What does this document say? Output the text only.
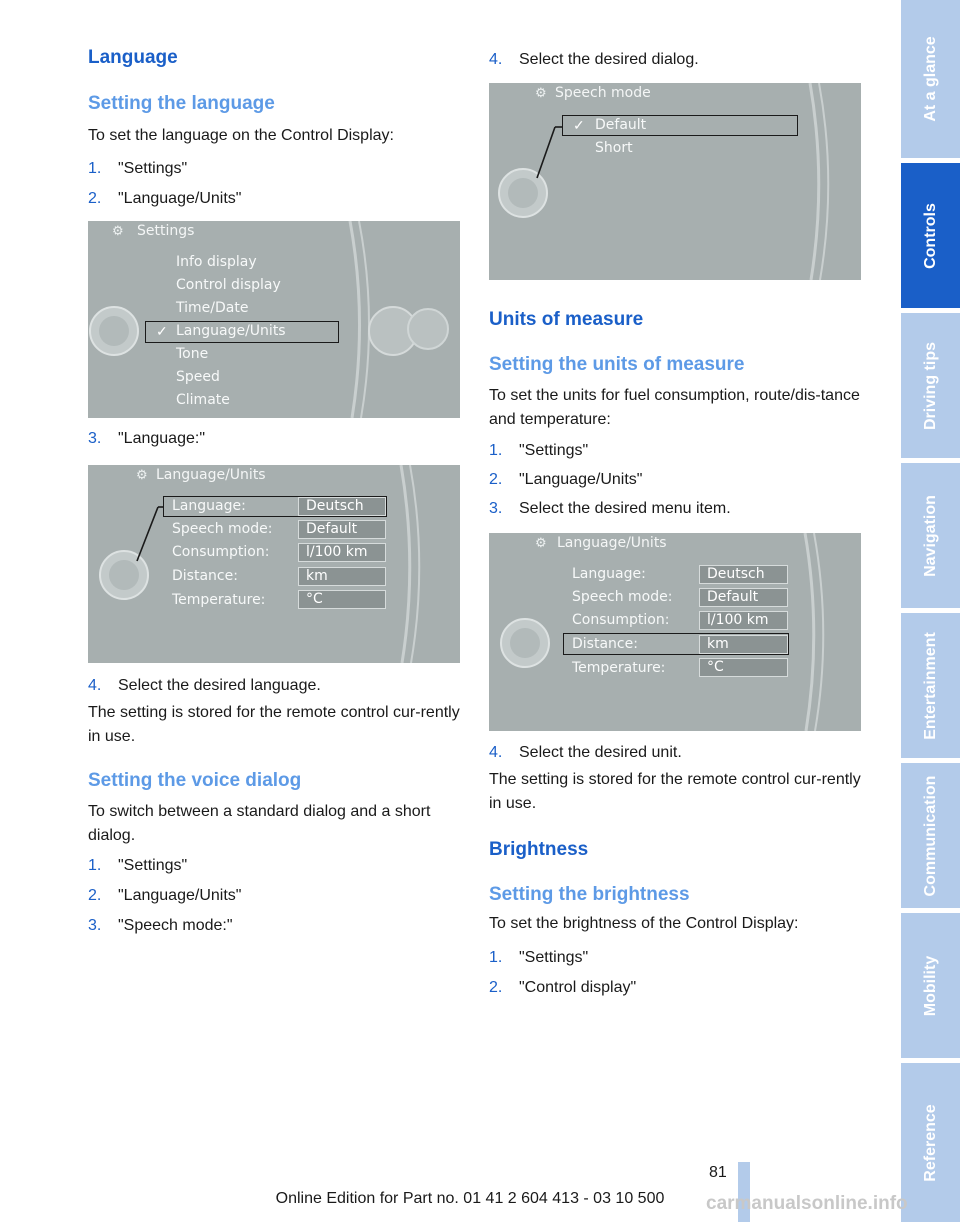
Language
Setting the language
To set the language on the Control Display:
1. "Settings"
2. "Language/Units"
⚙ Settings
Info display
Control display
Time/Date
✓ Language/Units
Tone
Speed
Climate
3. "Language:"
⚙ Language/Units
Language:	Deutsch
Speech mode:	Default
Consumption:	l/100 km
Distance:	km
Temperature:	°C
4. Select the desired language.
The setting is stored for the remote control cur-rently in use.
Setting the voice dialog
To switch between a standard dialog and a short dialog.
1. "Settings"
2. "Language/Units"
3. "Speech mode:"
4. Select the desired dialog.
⚙ Speech mode
✓ Default
Short
Units of measure
Setting the units of measure
To set the units for fuel consumption, route/dis-tance and temperature:
1. "Settings"
2. "Language/Units"
3. Select the desired menu item.
⚙ Language/Units
Language:	Deutsch
Speech mode:	Default
Consumption:	l/100 km
Distance:	km
Temperature:	°C
4. Select the desired unit.
The setting is stored for the remote control cur-rently in use.
Brightness
Setting the brightness
To set the brightness of the Control Display:
1. "Settings"
2. "Control display"
At a glance
Controls
Driving tips
Navigation
Entertainment
Communication
Mobility
Reference
81
Online Edition for Part no. 01 41 2 604 413 - 03 10 500	carmanualsonline.info
